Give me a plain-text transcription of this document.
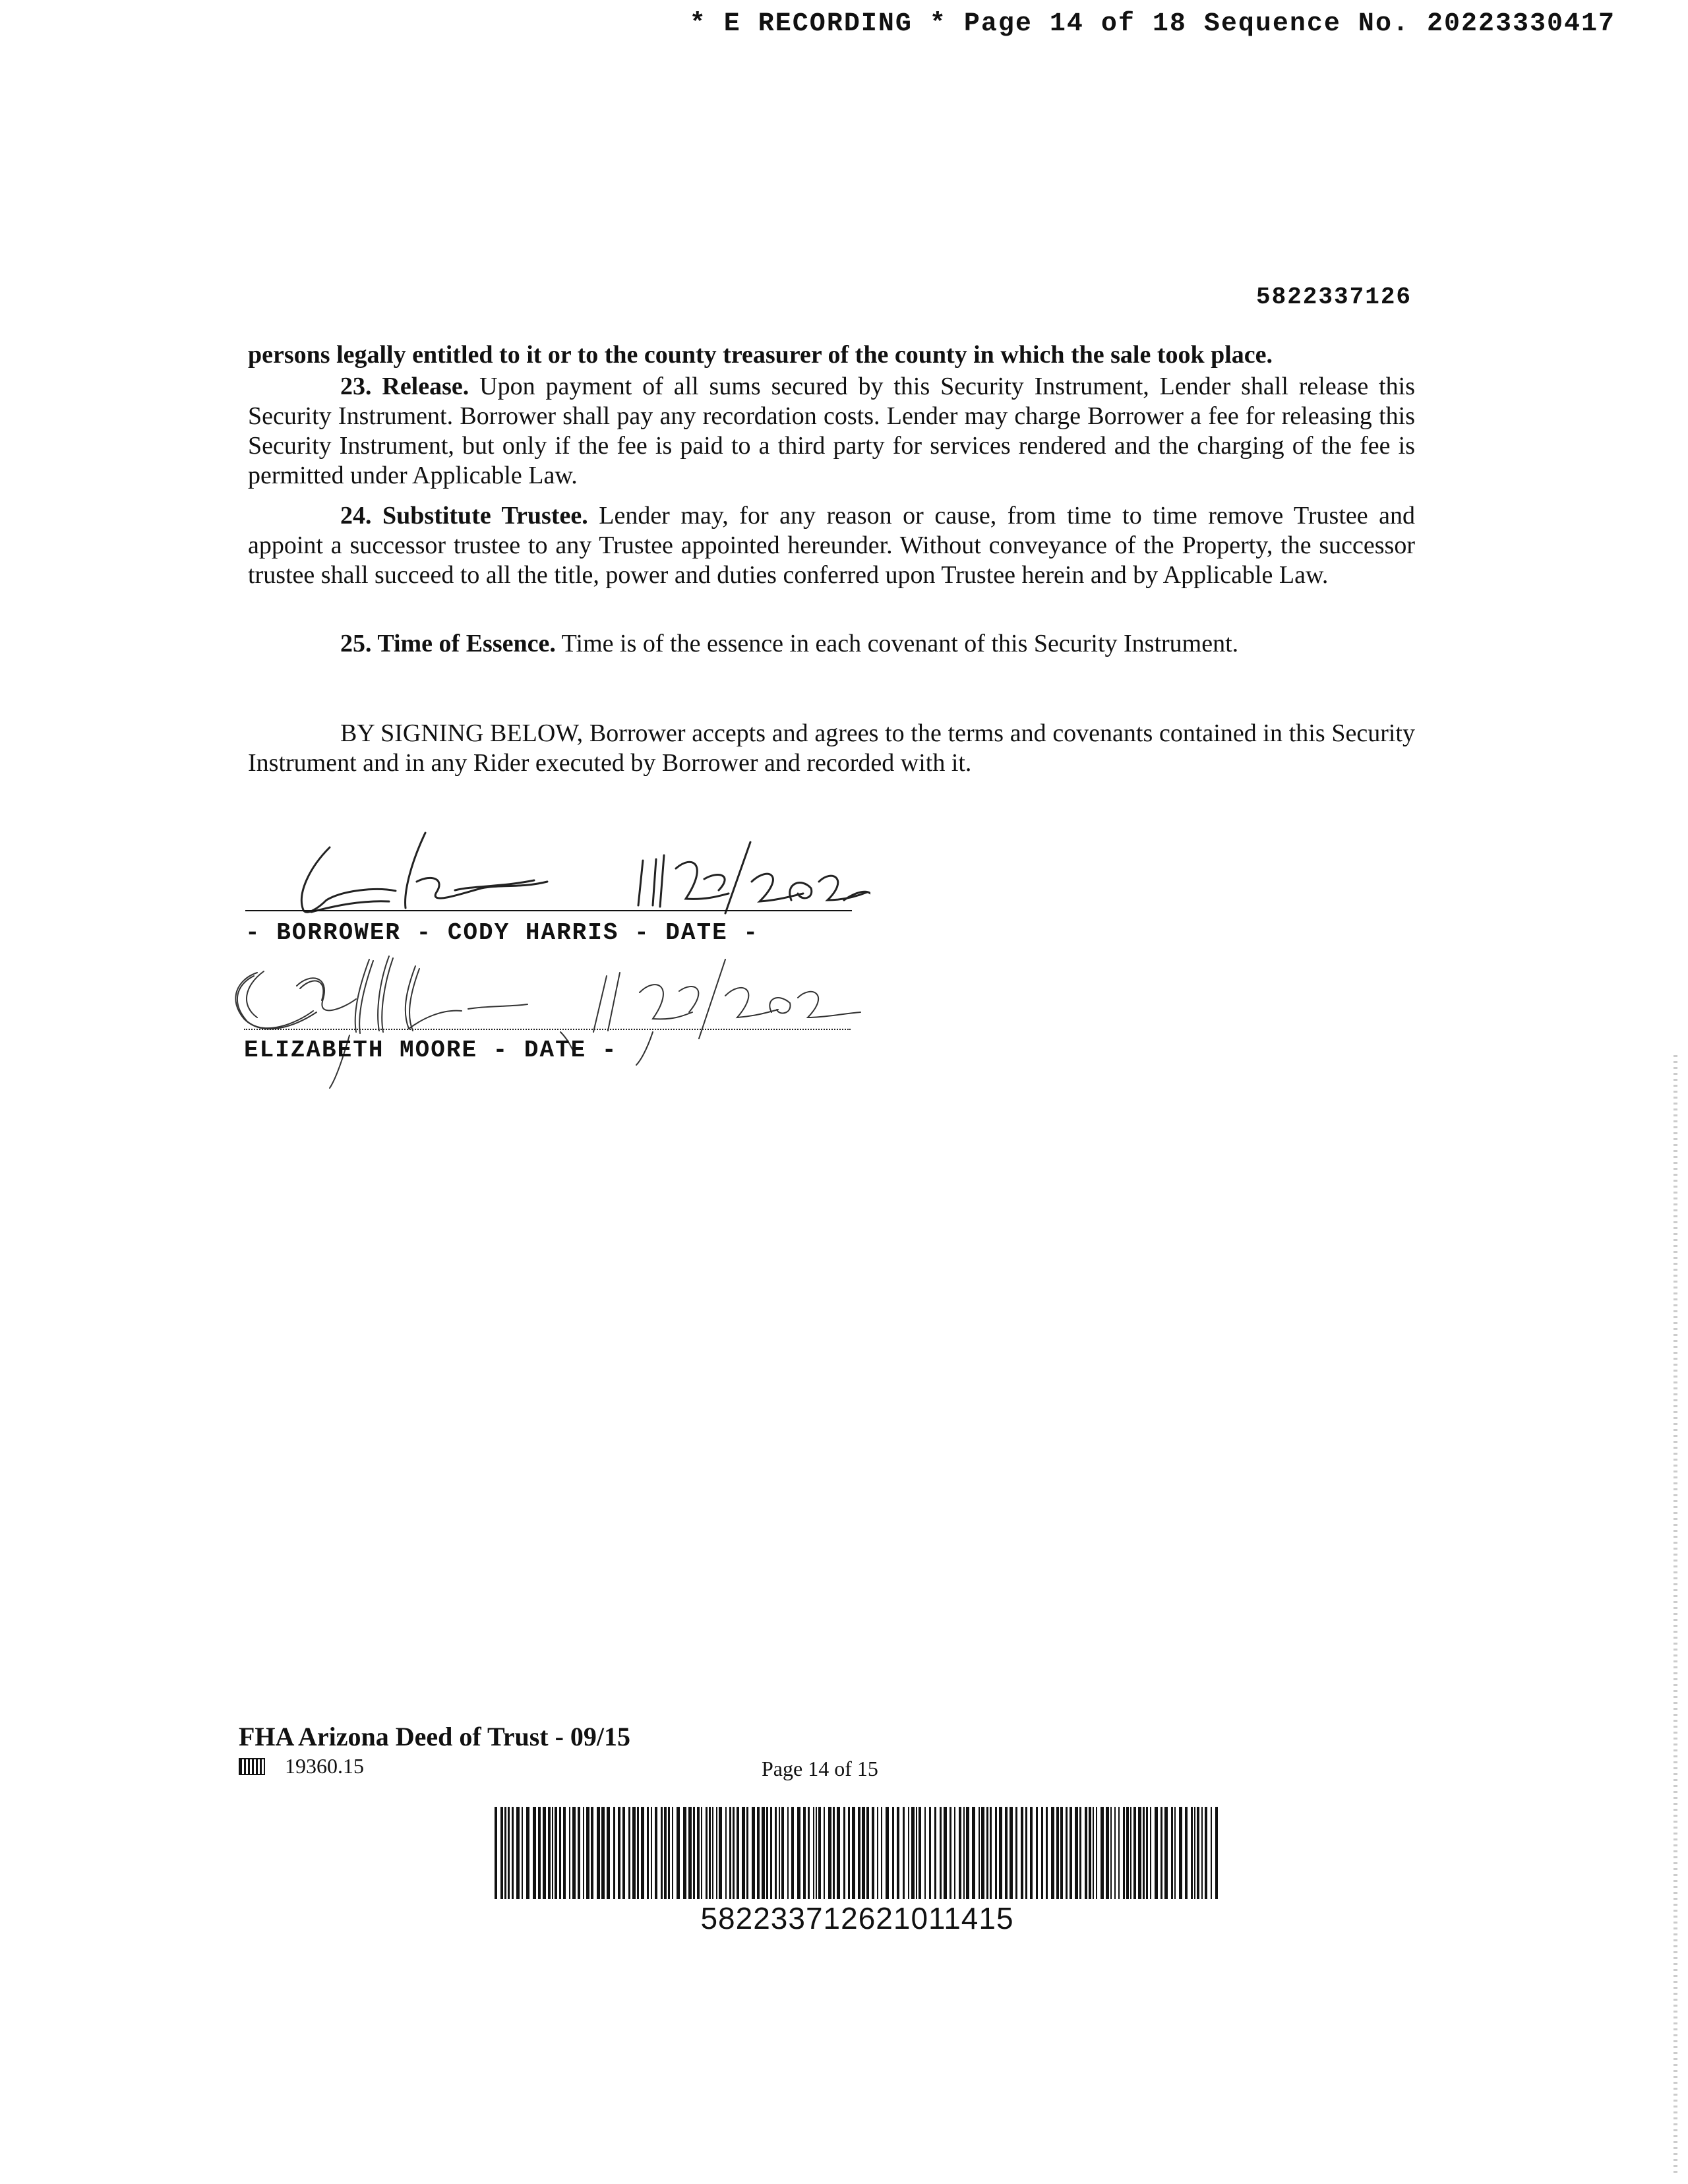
* E RECORDING * Page 14 of 18 Sequence No. 20223330417
5822337126
persons legally entitled to it or to the county treasurer of the county in which the sale took place.

23. Release. Upon payment of all sums secured by this Security Instrument, Lender shall release this Security Instrument. Borrower shall pay any recordation costs. Lender may charge Borrower a fee for releasing this Security Instrument, but only if the fee is paid to a third party for services rendered and the charging of the fee is permitted under Applicable Law.

24. Substitute Trustee. Lender may, for any reason or cause, from time to time remove Trustee and appoint a successor trustee to any Trustee appointed hereunder. Without conveyance of the Property, the successor trustee shall succeed to all the title, power and duties conferred upon Trustee herein and by Applicable Law.

25. Time of Essence. Time is of the essence in each covenant of this Security Instrument.

BY SIGNING BELOW, Borrower accepts and agrees to the terms and covenants contained in this Security Instrument and in any Rider executed by Borrower and recorded with it.

- BORROWER - CODY HARRIS - DATE -
ELIZABETH MOORE - DATE -
FHA Arizona Deed of Trust - 09/15
19360.15	Page 14 of 15
582233712621011415
